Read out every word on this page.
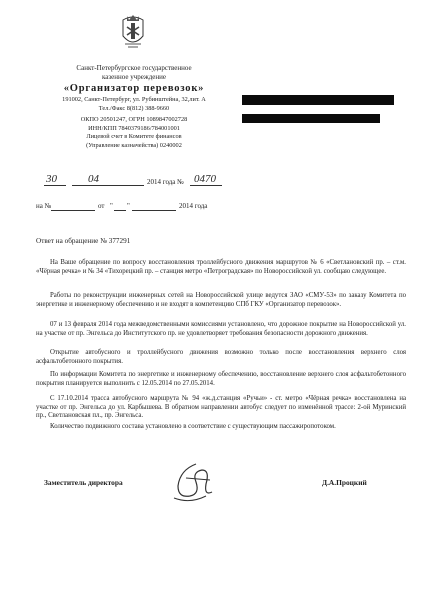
Санкт-Петербургское государственное
казенное учреждение
«Организатор перевозок»
191002, Санкт-Петербург, ул. Рубинштейна, 32,лит. А
Тел./Факс 8(812) 388-9660
ОКПО 20501247, ОГРН 1089847002728
ИНН/КПП 7840379186/784001001
Лицевой счет в Комитете финансов
(Управление казначейства) 0240002
30	04	2014 года № 0470
на №	от " "	2014 года
Ответ на обращение № 377291
На Ваше обращение по вопросу восстановления троллейбусного движения маршрутов № 6 «Светлановский пр. – ст.м. «Чёрная речка» и № 34 «Тихорецкий пр. – станция метро «Петроградская» по Новороссийской ул. сообщаю следующее.
Работы по реконструкции инженерных сетей на Новороссийской улице ведутся ЗАО «СМУ-53» по заказу Комитета по энергетике и инженерному обеспечению и не входят в компетенцию СПб ГКУ «Организатор перевозок».
07 и 13 февраля 2014 года межведомственными комиссиями установлено, что дорожное покрытие на Новороссийской ул. на участке от пр. Энгельса до Институтского пр. не удовлетворяет требования безопасности дорожного движения.
Открытие автобусного и троллейбусного движения возможно только после восстановления верхнего слоя асфальтобетонного покрытия.
По информации Комитета по энергетике и инженерному обеспечению, восстановление верхнего слоя асфальтобетонного покрытия планируется выполнить с 12.05.2014 по 27.05.2014.
С 17.10.2014 трасса автобусного маршрута № 94 «ж.д.станция «Ручьи» - ст. метро «Чёрная речка» восстановлена на участке от пр. Энгельса до ул. Карбышева. В обратном направлении автобус следует по изменённой трассе: 2-ой Муринский пр., Светлановская пл., пр. Энгельса.
Количество подвижного состава установлено в соответствие с существующим пассажиропотоком.
Заместитель директора	Д.А.Процкий
